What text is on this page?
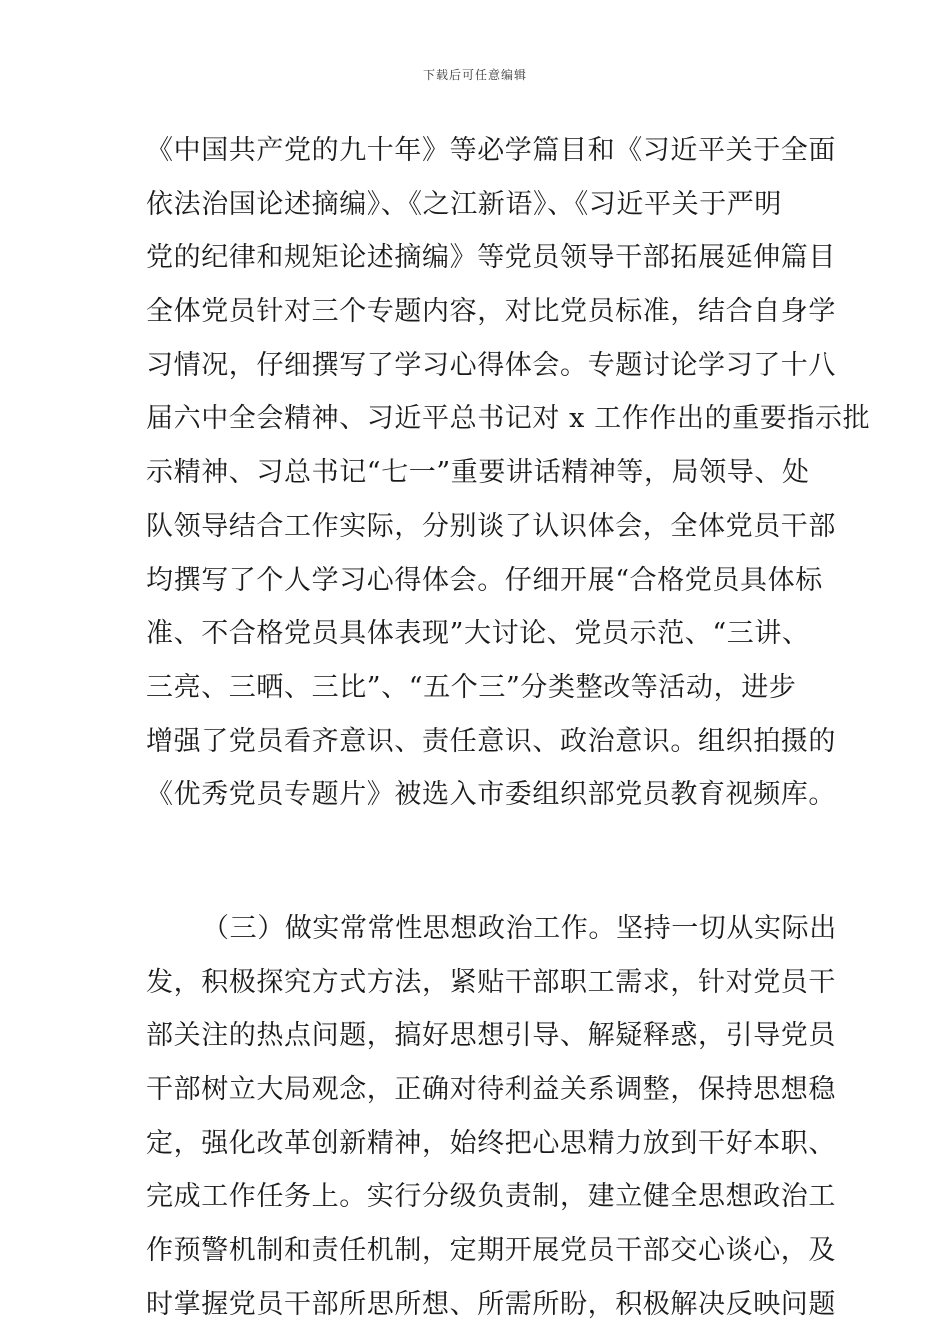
下载后可任意编辑
《中国共产党的九十年》等必学篇目和《习近平关于全面
依法治国论述摘编》、《之江新语》、《习近平关于严明
党的纪律和规矩论述摘编》等党员领导干部拓展延伸篇目
全体党员针对三个专题内容，对比党员标准，结合自身学
习情况，仔细撰写了学习心得体会。专题讨论学习了十八
届六中全会精神、习近平总书记对 x 工作作出的重要指示批
示精神、习总书记“七一”重要讲话精神等，局领导、处
队领导结合工作实际，分别谈了认识体会，全体党员干部
均撰写了个人学习心得体会。仔细开展“合格党员具体标
准、不合格党员具体表现”大讨论、党员示范、“三讲、
三亮、三晒、三比”、“五个三”分类整改等活动，进步
增强了党员看齐意识、责任意识、政治意识。组织拍摄的
《优秀党员专题片》被选入市委组织部党员教育视频库。
（三）做实常常性思想政治工作。坚持一切从实际出
发，积极探究方式方法，紧贴干部职工需求，针对党员干
部关注的热点问题，搞好思想引导、解疑释惑，引导党员
干部树立大局观念，正确对待利益关系调整，保持思想稳
定，强化改革创新精神，始终把心思精力放到干好本职、
完成工作任务上。实行分级负责制，建立健全思想政治工
作预警机制和责任机制，定期开展党员干部交心谈心，及
时掌握党员干部所思所想、所需所盼，积极解决反映问题
